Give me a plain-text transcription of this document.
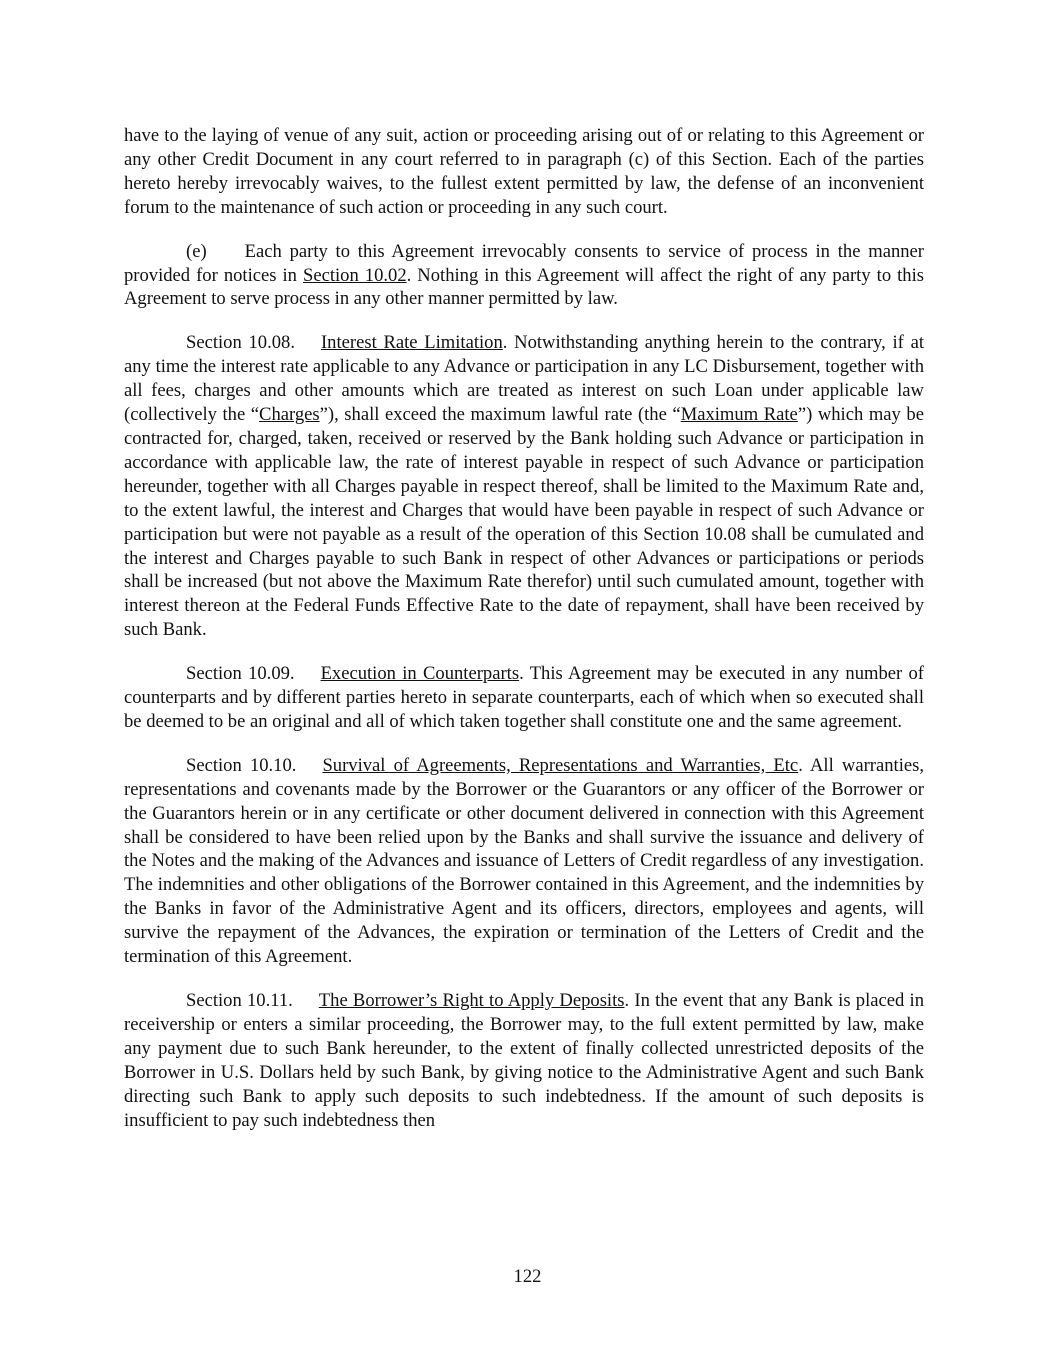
have to the laying of venue of any suit, action or proceeding arising out of or relating to this Agreement or any other Credit Document in any court referred to in paragraph (c) of this Section. Each of the parties hereto hereby irrevocably waives, to the fullest extent permitted by law, the defense of an inconvenient forum to the maintenance of such action or proceeding in any such court.

(e) Each party to this Agreement irrevocably consents to service of process in the manner provided for notices in Section 10.02. Nothing in this Agreement will affect the right of any party to this Agreement to serve process in any other manner permitted by law.

Section 10.08. Interest Rate Limitation. Notwithstanding anything herein to the contrary, if at any time the interest rate applicable to any Advance or participation in any LC Disbursement, together with all fees, charges and other amounts which are treated as interest on such Loan under applicable law (collectively the “Charges”), shall exceed the maximum lawful rate (the “Maximum Rate”) which may be contracted for, charged, taken, received or reserved by the Bank holding such Advance or participation in accordance with applicable law, the rate of interest payable in respect of such Advance or participation hereunder, together with all Charges payable in respect thereof, shall be limited to the Maximum Rate and, to the extent lawful, the interest and Charges that would have been payable in respect of such Advance or participation but were not payable as a result of the operation of this Section 10.08 shall be cumulated and the interest and Charges payable to such Bank in respect of other Advances or participations or periods shall be increased (but not above the Maximum Rate therefor) until such cumulated amount, together with interest thereon at the Federal Funds Effective Rate to the date of repayment, shall have been received by such Bank.

Section 10.09. Execution in Counterparts. This Agreement may be executed in any number of counterparts and by different parties hereto in separate counterparts, each of which when so executed shall be deemed to be an original and all of which taken together shall constitute one and the same agreement.

Section 10.10. Survival of Agreements, Representations and Warranties, Etc. All warranties, representations and covenants made by the Borrower or the Guarantors or any officer of the Borrower or the Guarantors herein or in any certificate or other document delivered in connection with this Agreement shall be considered to have been relied upon by the Banks and shall survive the issuance and delivery of the Notes and the making of the Advances and issuance of Letters of Credit regardless of any investigation. The indemnities and other obligations of the Borrower contained in this Agreement, and the indemnities by the Banks in favor of the Administrative Agent and its officers, directors, employees and agents, will survive the repayment of the Advances, the expiration or termination of the Letters of Credit and the termination of this Agreement.

Section 10.11. The Borrower’s Right to Apply Deposits. In the event that any Bank is placed in receivership or enters a similar proceeding, the Borrower may, to the full extent permitted by law, make any payment due to such Bank hereunder, to the extent of finally collected unrestricted deposits of the Borrower in U.S. Dollars held by such Bank, by giving notice to the Administrative Agent and such Bank directing such Bank to apply such deposits to such indebtedness. If the amount of such deposits is insufficient to pay such indebtedness then

122
